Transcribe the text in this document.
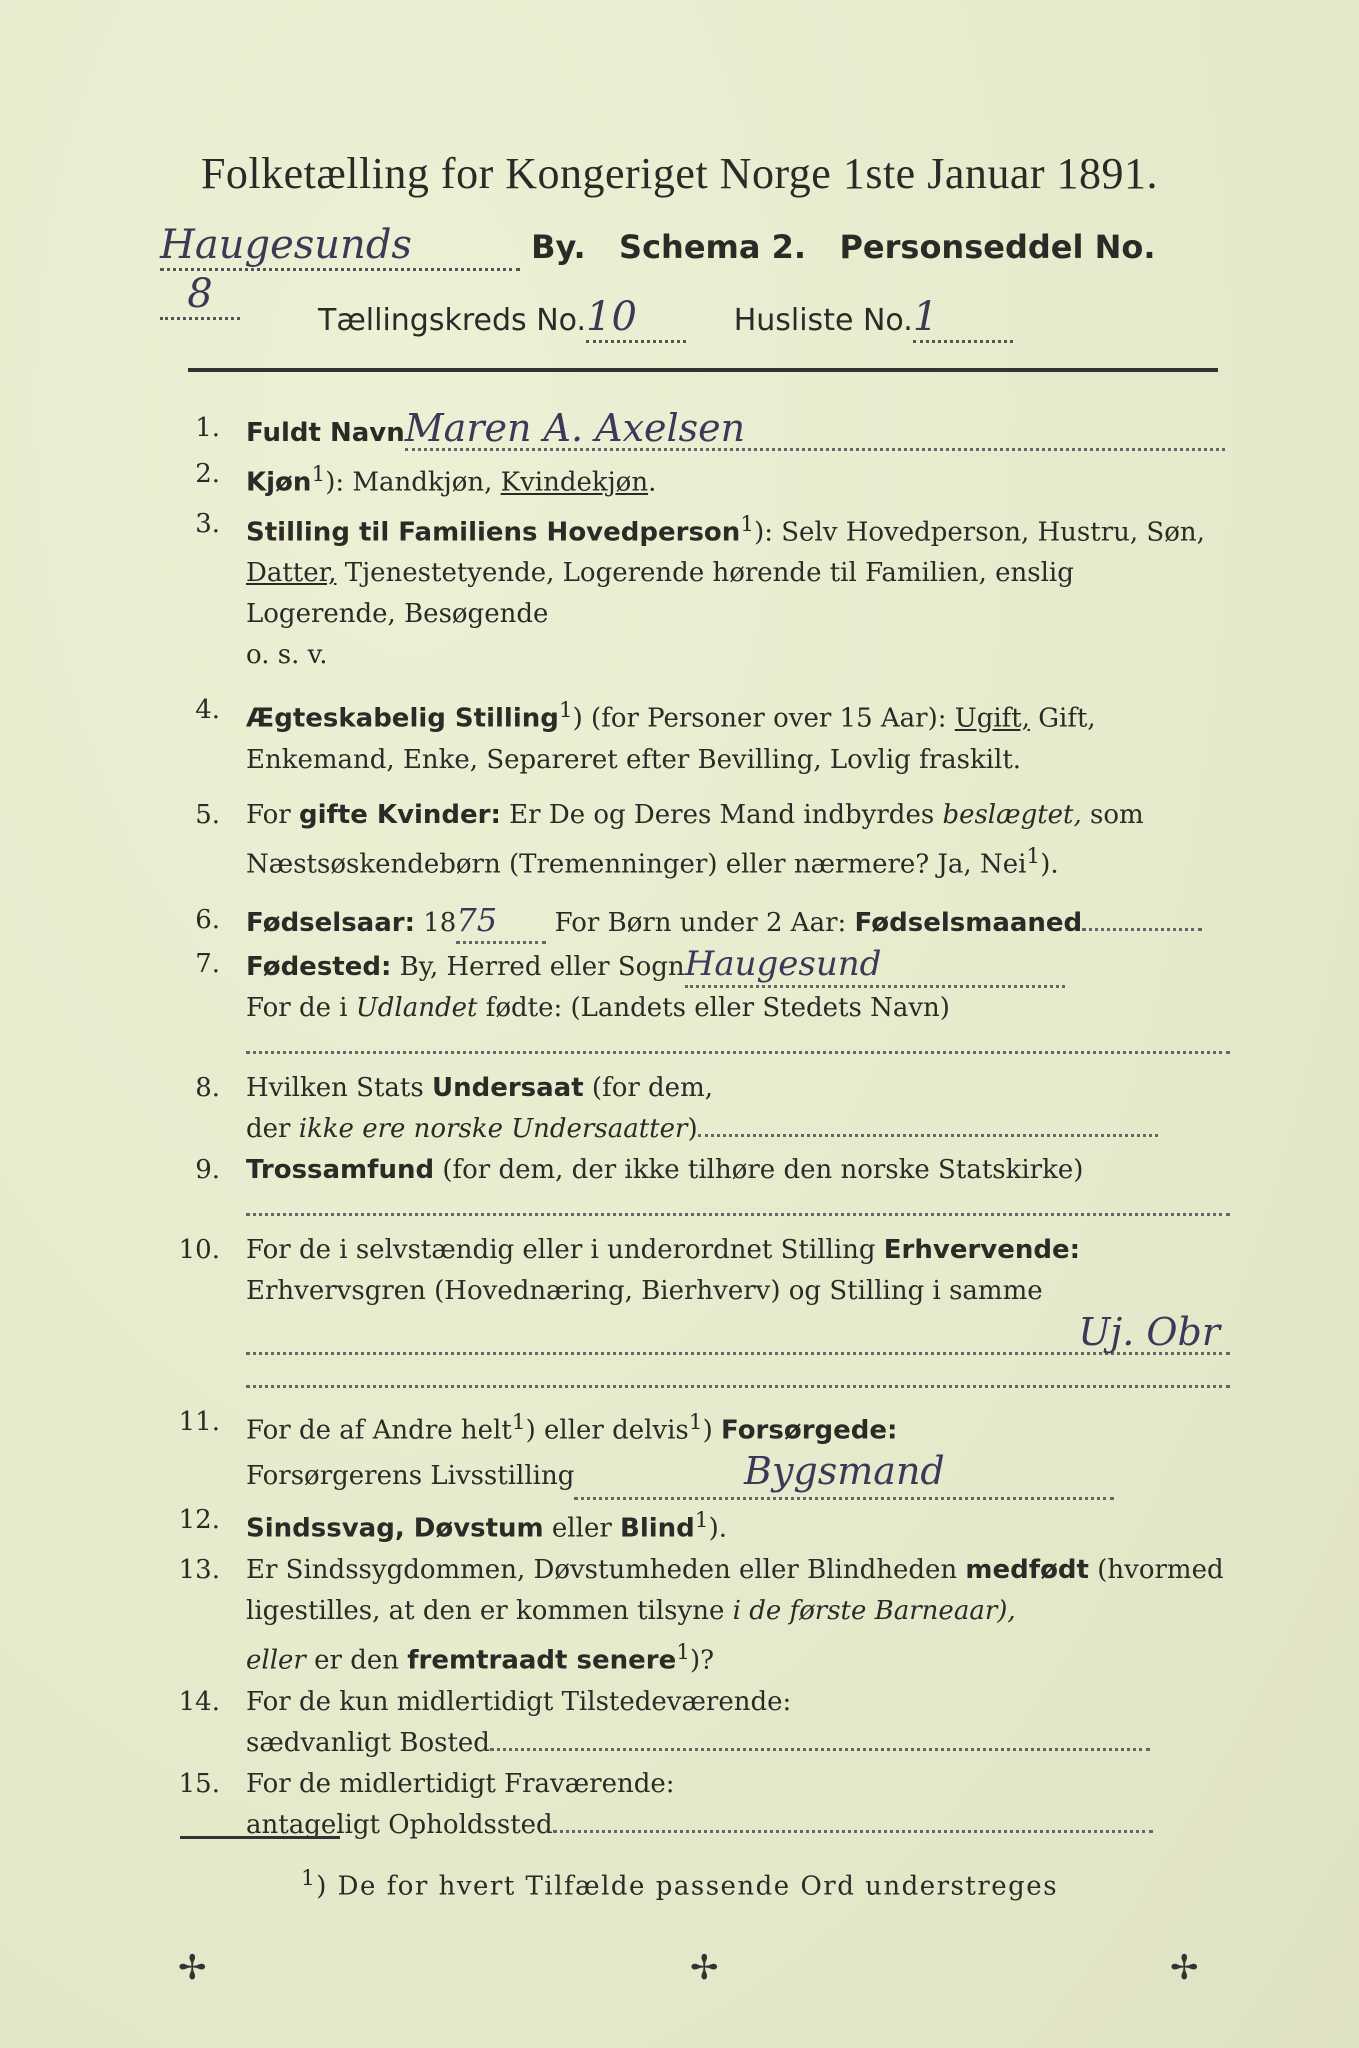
Folketælling for Kongeriget Norge 1ste Januar 1891.
Haugesunds	By. Schema 2. Personseddel No. 8
Tællingskreds No.10	Husliste No.1
1. Fuldt NavnMaren A. Axelsen
2. Kjøn$^1$): Mandkjøn, Kvindekjøn.
3. Stilling til Familiens Hovedperson$^1$): Selv Hovedperson, Hustru, Søn,
Datter, Tjenestetyende, Logerende hørende til Familien, enslig Logerende, Besøgende
o. s. v.
4. Ægteskabelig Stilling$^1$) (for Personer over 15 Aar): Ugift, Gift, Enkemand, Enke, Separeret efter Bevilling, Lovlig fraskilt.
5. For gifte Kvinder: Er De og Deres Mand indbyrdes beslægtet, som Næstsøskendebørn (Tremenninger) eller nærmere? Ja, Nei$^1$).
6. Fødselsaar: 1875 For Børn under 2 Aar: Fødselsmaaned
7. Fødested: By, Herred eller SognHaugesund
For de i Udlandet fødte: (Landets eller Stedets Navn)
8. Hvilken Stats Undersaat (for dem,
der ikke ere norske Undersaatter)
9. Trossamfund (for dem, der ikke tilhøre den norske Statskirke)
10. For de i selvstændig eller i underordnet Stilling Erhvervende: Erhvervsgren (Hovednæring, Bierhverv) og Stilling i samme
Uj. Obr
11. For de af Andre helt$^1$) eller delvis$^1$) Forsørgede:
Forsørgerens Livsstilling	Bygsmand
12. Sindssvag, Døvstum eller Blind$^1$).
13. Er Sindssygdommen, Døvstumheden eller Blindheden medfødt (hvormed ligestilles, at den er kommen tilsyne i de første Barneaar),
eller er den fremtraadt senere$^1$)?
14. For de kun midlertidigt Tilstedeværende:
sædvanligt Bosted
15. For de midlertidigt Fraværende:
antageligt Opholdssted
$^1$) De for hvert Tilfælde passende Ord understreges
✢	✢	✢
